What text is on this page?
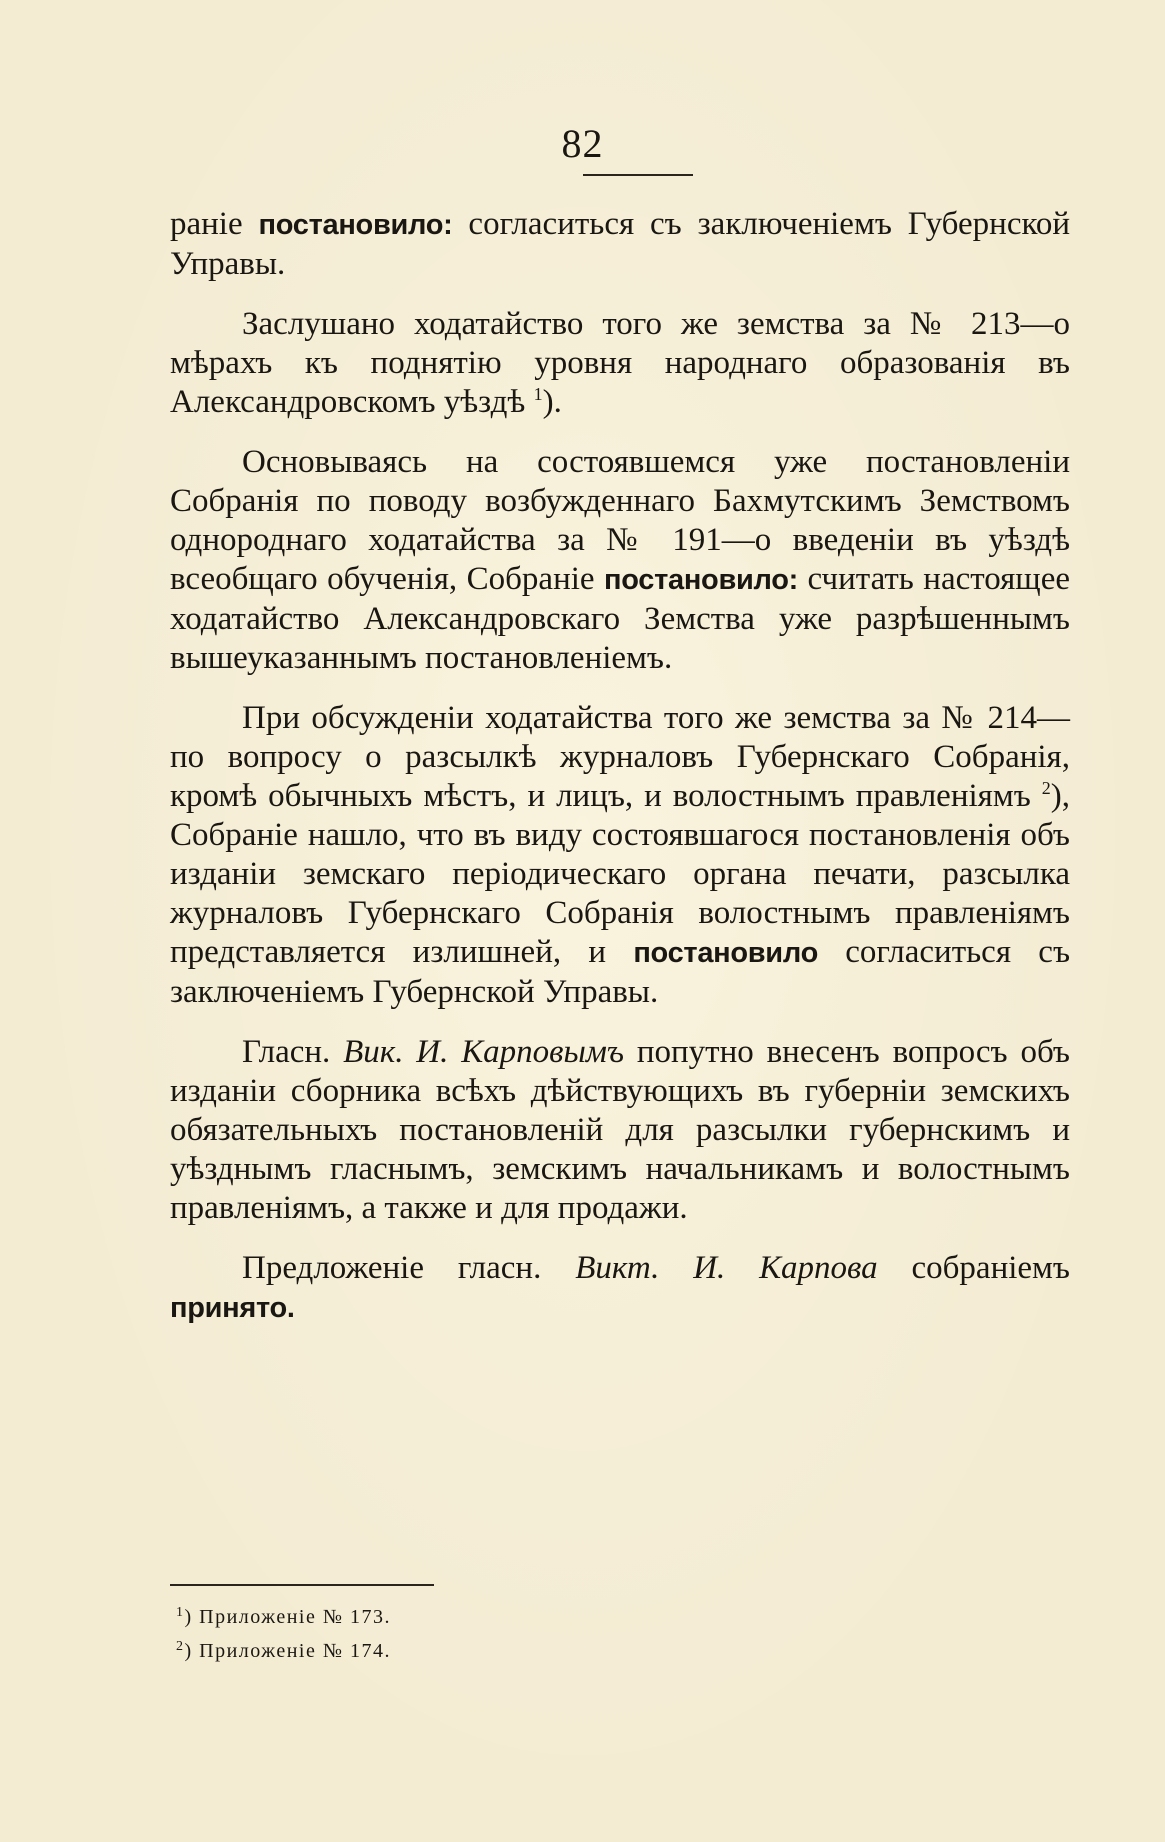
82

раніе постановило: согласиться съ заключеніемъ Губернской Управы.

Заслушано ходатайство того же земства за № 213—о мѣрахъ къ поднятію уровня народнаго образованія въ Александровскомъ уѣздѣ $^1$).

Основываясь на состоявшемся уже постановленіи Собранія по поводу возбужденнаго Бахмутскимъ Земствомъ однороднаго ходатайства за № 191—о введеніи въ уѣздѣ всеобщаго обученія, Собраніе постановило: считать настоящее ходатайство Александровскаго Земства уже разрѣшеннымъ вышеуказаннымъ постановленіемъ.

При обсужденіи ходатайства того же земства за № 214—по вопросу о разсылкѣ журналовъ Губернскаго Собранія, кромѣ обычныхъ мѣстъ, и лицъ, и волостнымъ правленіямъ $^2$), Собраніе нашло, что въ виду состоявшагося постановленія объ изданіи земскаго періодическаго органа печати, разсылка журналовъ Губернскаго Собранія волостнымъ правленіямъ представляется излишней, и постановило согласиться съ заключеніемъ Губернской Управы.

Гласн. Вик. И. Карповымъ попутно внесенъ вопросъ объ изданіи сборника всѣхъ дѣйствующихъ въ губерніи земскихъ обязательныхъ постановленій для разсылки губернскимъ и уѣзднымъ гласнымъ, земскимъ начальникамъ и волостнымъ правленіямъ, а также и для продажи.

Предложеніе гласн. Викт. И. Карпова собраніемъ принято.

$^1$) Приложеніе № 173.
$^2$) Приложеніе № 174.
